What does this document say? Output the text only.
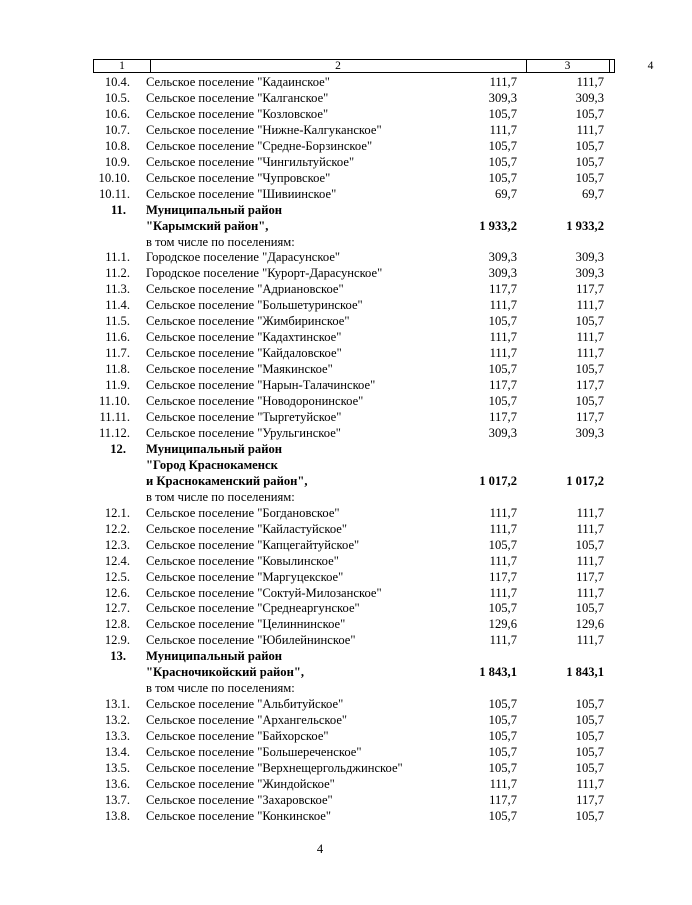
1	2	3	4
10.4. Сельское поселение "Кадаинское"	111,7	111,7
10.5. Сельское поселение "Калганское"	309,3	309,3
10.6. Сельское поселение "Козловское"	105,7	105,7
10.7. Сельское поселение "Нижне-Калгуканское"	111,7	111,7
10.8. Сельское поселение "Средне-Борзинское"	105,7	105,7
10.9. Сельское поселение "Чингильтуйское"	105,7	105,7
10.10. Сельское поселение "Чупровское"	105,7	105,7
10.11. Сельское поселение "Шивиинское"	69,7	69,7
11. Муниципальный район
"Карымский район",	1 933,2	1 933,2
в том числе по поселениям:
11.1. Городское поселение "Дарасунское"	309,3	309,3
11.2. Городское поселение "Курорт-Дарасунское"	309,3	309,3
11.3. Сельское поселение "Адриановское"	117,7	117,7
11.4. Сельское поселение "Большетуринское"	111,7	111,7
11.5. Сельское поселение "Жимбиринское"	105,7	105,7
11.6. Сельское поселение "Кадахтинское"	111,7	111,7
11.7. Сельское поселение "Кайдаловское"	111,7	111,7
11.8. Сельское поселение "Маякинское"	105,7	105,7
11.9. Сельское поселение "Нарын-Талачинское"	117,7	117,7
11.10. Сельское поселение "Новодоронинское"	105,7	105,7
11.11. Сельское поселение "Тыргетуйское"	117,7	117,7
11.12. Сельское поселение "Урульгинское"	309,3	309,3
12. Муниципальный район
"Город Краснокаменск
и Краснокаменский район",	1 017,2	1 017,2
в том числе по поселениям:
12.1. Сельское поселение "Богдановское"	111,7	111,7
12.2. Сельское поселение "Кайластуйское"	111,7	111,7
12.3. Сельское поселение "Капцегайтуйское"	105,7	105,7
12.4. Сельское поселение "Ковылинское"	111,7	111,7
12.5. Сельское поселение "Маргуцекское"	117,7	117,7
12.6. Сельское поселение "Соктуй-Милозанское"	111,7	111,7
12.7. Сельское поселение "Среднеаргунское"	105,7	105,7
12.8. Сельское поселение "Целиннинское"	129,6	129,6
12.9. Сельское поселение "Юбилейнинское"	111,7	111,7
13. Муниципальный район
"Красночикойский район",	1 843,1	1 843,1
в том числе по поселениям:
13.1. Сельское поселение "Альбитуйское"	105,7	105,7
13.2. Сельское поселение "Архангельское"	105,7	105,7
13.3. Сельское поселение "Байхорское"	105,7	105,7
13.4. Сельское поселение "Большереченское"	105,7	105,7
13.5. Сельское поселение "Верхнещергольджинское"	105,7	105,7
13.6. Сельское поселение "Жиндойское"	111,7	111,7
13.7. Сельское поселение "Захаровское"	117,7	117,7
13.8. Сельское поселение "Конкинское"	105,7	105,7
4
